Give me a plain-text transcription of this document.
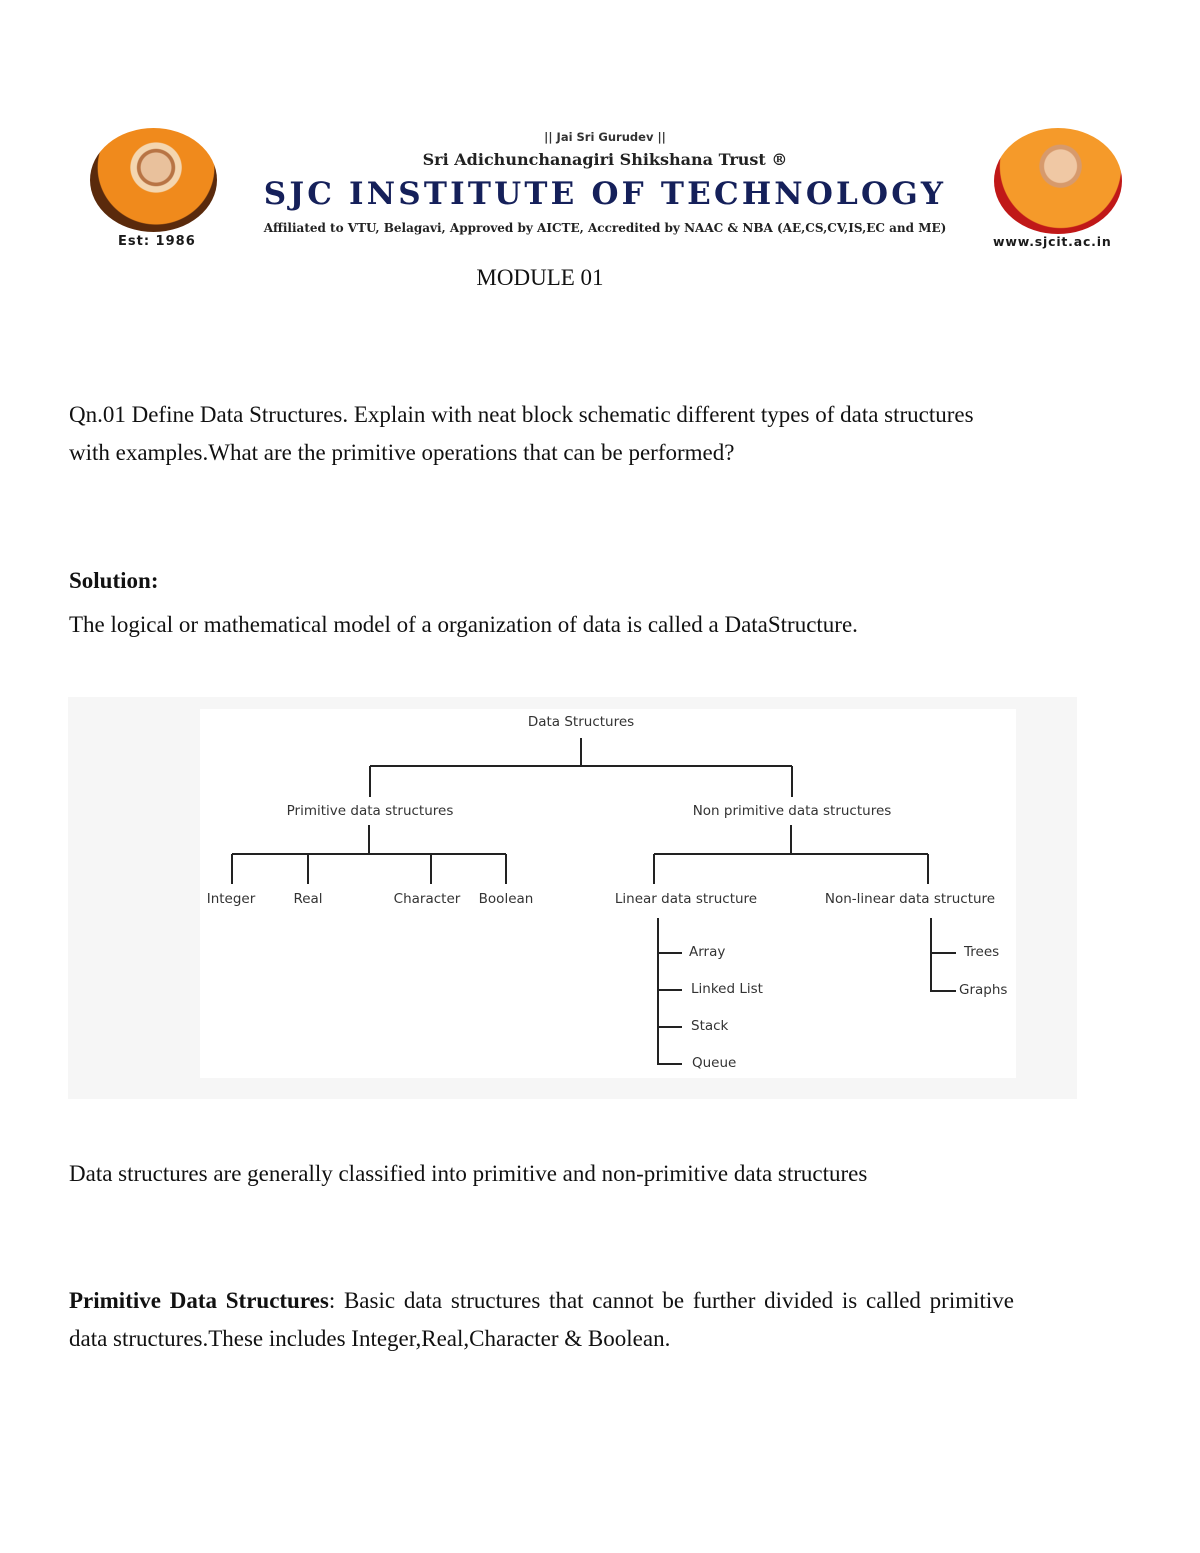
|| Jai Sri Gurudev ||
Sri Adichunchanagiri Shikshana Trust ®
SJC INSTITUTE OF TECHNOLOGY
Affiliated to VTU, Belagavi, Approved by AICTE, Accredited by NAAC & NBA (AE,CS,CV,IS,EC and ME)
Est: 1986	www.sjcit.ac.in
MODULE 01
Qn.01 Define Data Structures. Explain with neat block schematic different types of data structures with examples.What are the primitive operations that can be performed?
Solution:
The logical or mathematical model of a organization of data is called a DataStructure.
Data Structures
Primitive data structures	Non primitive data structures
Integer	Real	Character Boolean	Linear data structure	Non-linear data structure
Array
Linked List
Stack
Queue
Trees
Graphs
Data structures are generally classified into primitive and non-primitive data structures
Primitive Data Structures: Basic data structures that cannot be further divided is called primitive data structures.These includes Integer,Real,Character & Boolean.
